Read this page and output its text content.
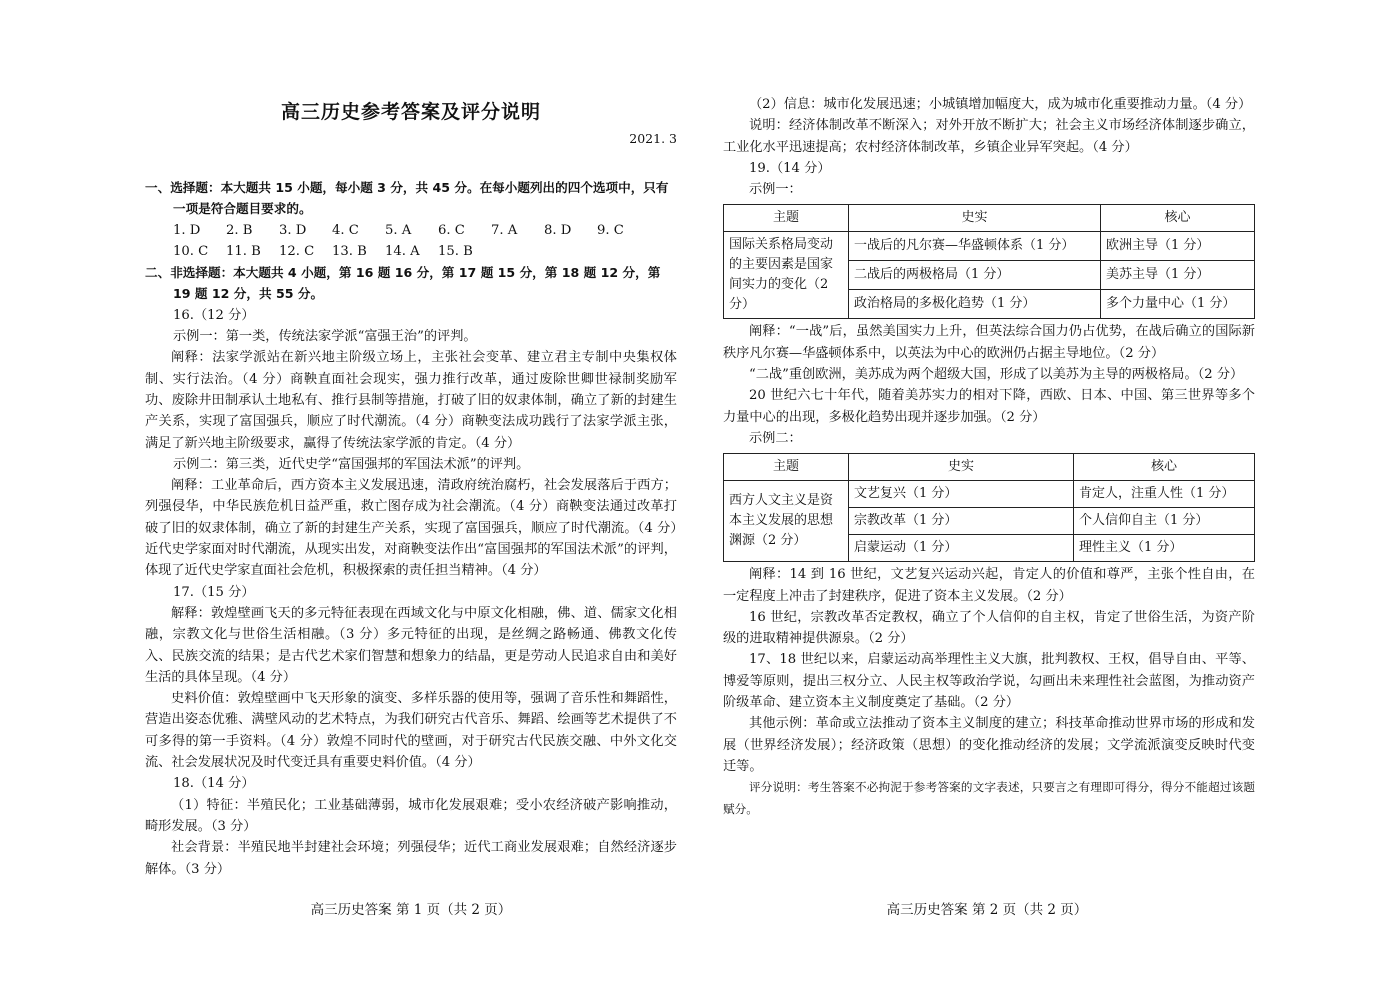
高三历史参考答案及评分说明
2021. 3

一、选择题：本大题共 15 小题，每小题 3 分，共 45 分。在每小题列出的四个选项中，只有一项是符合题目要求的。

1. D	2. B	3. D	4. C	5. A	6. C	7. A	8. D	9. C
10. C	11. B	12. C	13. B	14. A	15. B

二、非选择题：本大题共 4 小题，第 16 题 16 分，第 17 题 15 分，第 18 题 12 分，第 19 题 12 分，共 55 分。

16.（12 分）

示例一：第一类，传统法家学派“富强王治”的评判。

阐释：法家学派站在新兴地主阶级立场上，主张社会变革、建立君主专制中央集权体制、实行法治。（4 分）商鞅直面社会现实，强力推行改革，通过废除世卿世禄制奖励军功、废除井田制承认土地私有、推行县制等措施，打破了旧的奴隶体制，确立了新的封建生产关系，实现了富国强兵，顺应了时代潮流。（4 分）商鞅变法成功践行了法家学派主张，满足了新兴地主阶级要求，赢得了传统法家学派的肯定。（4 分）

示例二：第三类，近代史学“富国强邦的军国法术派”的评判。

阐释：工业革命后，西方资本主义发展迅速，清政府统治腐朽，社会发展落后于西方；列强侵华，中华民族危机日益严重，救亡图存成为社会潮流。（4 分）商鞅变法通过改革打破了旧的奴隶体制，确立了新的封建生产关系，实现了富国强兵，顺应了时代潮流。（4 分）近代史学家面对时代潮流，从现实出发，对商鞅变法作出“富国强邦的军国法术派”的评判，体现了近代史学家直面社会危机，积极探索的责任担当精神。（4 分）

17.（15 分）

解释：敦煌壁画飞天的多元特征表现在西域文化与中原文化相融，佛、道、儒家文化相融，宗教文化与世俗生活相融。（3 分）多元特征的出现，是丝绸之路畅通、佛教文化传入、民族交流的结果；是古代艺术家们智慧和想象力的结晶，更是劳动人民追求自由和美好生活的具体呈现。（4 分）

史料价值：敦煌壁画中飞天形象的演变、多样乐器的使用等，强调了音乐性和舞蹈性，营造出姿态优雅、满壁风动的艺术特点，为我们研究古代音乐、舞蹈、绘画等艺术提供了不可多得的第一手资料。（4 分）敦煌不同时代的壁画，对于研究古代民族交融、中外文化交流、社会发展状况及时代变迁具有重要史料价值。（4 分）

18.（14 分）

（1）特征：半殖民化；工业基础薄弱，城市化发展艰难；受小农经济破产影响推动，畸形发展。（3 分）

社会背景：半殖民地半封建社会环境；列强侵华；近代工商业发展艰难；自然经济逐步解体。（3 分）

（2）信息：城市化发展迅速；小城镇增加幅度大，成为城市化重要推动力量。（4 分）

说明：经济体制改革不断深入；对外开放不断扩大；社会主义市场经济体制逐步确立，工业化水平迅速提高；农村经济体制改革，乡镇企业异军突起。（4 分）

19.（14 分）

示例一：

主题	史实	核心
国际关系格局变动的主要因素是国家间实力的变化（2 分）	一战后的凡尔赛—华盛顿体系（1 分）	欧洲主导（1 分）
	二战后的两极格局（1 分）	美苏主导（1 分）
	政治格局的多极化趋势（1 分）	多个力量中心（1 分）

阐释：“一战”后，虽然美国实力上升，但英法综合国力仍占优势，在战后确立的国际新秩序凡尔赛—华盛顿体系中，以英法为中心的欧洲仍占据主导地位。（2 分）

“二战”重创欧洲，美苏成为两个超级大国，形成了以美苏为主导的两极格局。（2 分）

20 世纪六七十年代，随着美苏实力的相对下降，西欧、日本、中国、第三世界等多个力量中心的出现，多极化趋势出现并逐步加强。（2 分）

示例二：

主题	史实	核心
西方人文主义是资本主义发展的思想渊源（2 分）	文艺复兴（1 分）	肯定人，注重人性（1 分）
	宗教改革（1 分）	个人信仰自主（1 分）
	启蒙运动（1 分）	理性主义（1 分）

阐释：14 到 16 世纪，文艺复兴运动兴起，肯定人的价值和尊严，主张个性自由，在一定程度上冲击了封建秩序，促进了资本主义发展。（2 分）

16 世纪，宗教改革否定教权，确立了个人信仰的自主权，肯定了世俗生活，为资产阶级的进取精神提供源泉。（2 分）

17、18 世纪以来，启蒙运动高举理性主义大旗，批判教权、王权，倡导自由、平等、博爱等原则，提出三权分立、人民主权等政治学说，勾画出未来理性社会蓝图，为推动资产阶级革命、建立资本主义制度奠定了基础。（2 分）

其他示例：革命或立法推动了资本主义制度的建立；科技革命推动世界市场的形成和发展（世界经济发展）；经济政策（思想）的变化推动经济的发展；文学流派演变反映时代变迁等。

评分说明：考生答案不必拘泥于参考答案的文字表述，只要言之有理即可得分，得分不能超过该题赋分。

高三历史答案 第 1 页（共 2 页）	高三历史答案 第 2 页（共 2 页）
